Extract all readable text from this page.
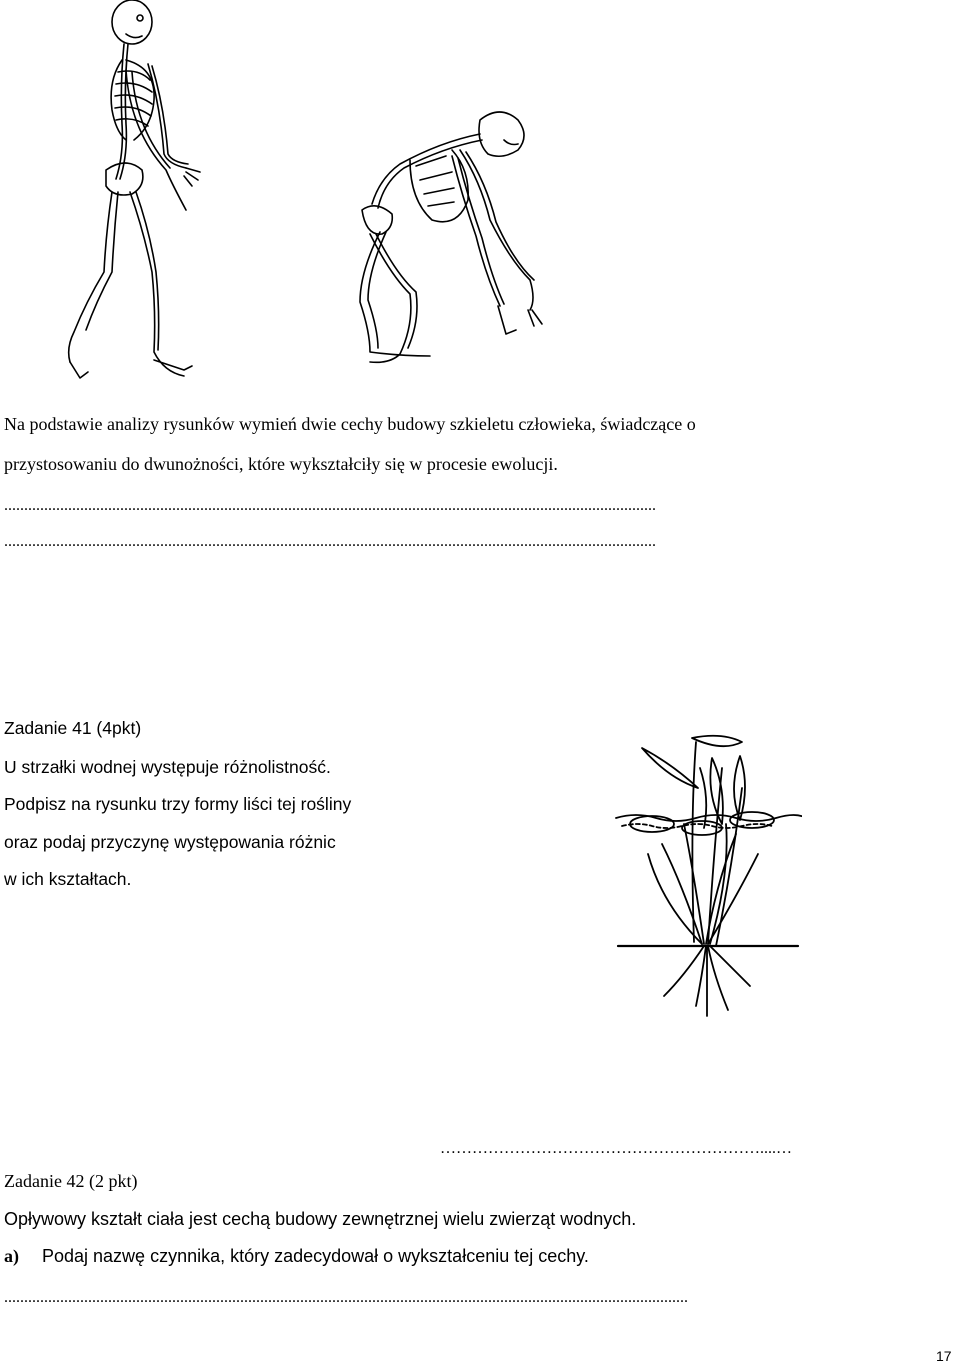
Na podstawie analizy rysunków wymień dwie cechy budowy szkieletu człowieka, świadczące o
przystosowaniu do dwunożności, które wykształciły się w procesie ewolucji.
...................................................................................................................................................................
...................................................................................................................................................................
Zadanie 41 (4pkt)
U strzałki wodnej występuje różnolistność.
Podpisz na rysunku trzy formy liści tej rośliny
oraz podaj przyczynę występowania różnic
w ich kształtach.
……………………………………………………....…
Zadanie 42 (2 pkt)
Opływowy kształt ciała jest cechą budowy zewnętrznej wielu zwierząt wodnych.
a) Podaj nazwę czynnika, który zadecydował o wykształceniu tej cechy.
...........................................................................................................................................................................
17
